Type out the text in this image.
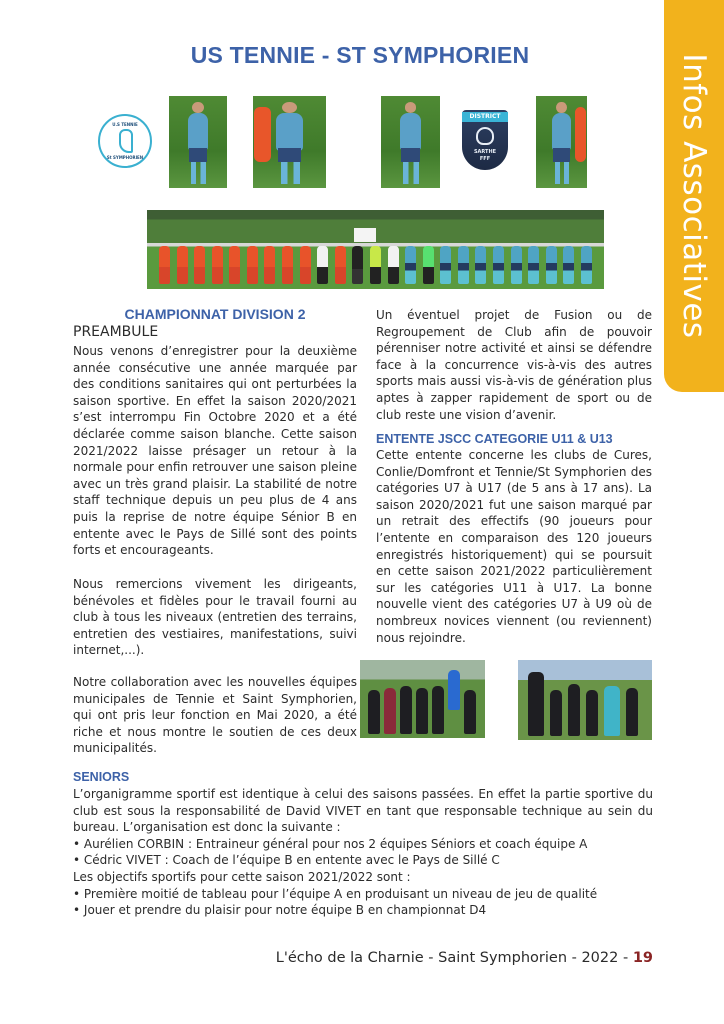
Infos Associatives
US TENNIE - ST SYMPHORIEN
U.S TENNIE
St SYMPHORIEN
DISTRICT
SARTHE
FFF
CHAMPIONNAT DIVISION 2
PREAMBULE
Nous venons d’enregistrer pour la deuxième année consécutive une année marquée par des conditions sanitaires qui ont perturbées la saison sportive. En effet la saison 2020/2021 s’est interrompu Fin Octobre 2020 et a été déclarée comme saison blanche. Cette saison 2021/2022 laisse présager un retour à la normale pour enfin retrouver une saison pleine avec un très grand plaisir. La stabilité de notre staff technique depuis un peu plus de 4 ans puis la reprise de notre équipe Sénior B en entente avec le Pays de Sillé sont des points forts et encourageants.
Nous remercions vivement les dirigeants, bénévoles et fidèles pour le travail fourni au club à tous les niveaux (entretien des terrains, entretien des vestiaires, manifestations, suivi internet,...).
Notre collaboration avec les nouvelles équipes municipales de Tennie et Saint Symphorien, qui ont pris leur fonction en Mai 2020, a été riche et nous montre le soutien de ces deux municipalités.
Un éventuel projet de Fusion ou de Regroupement de Club afin de pouvoir pérenniser notre activité et ainsi se défendre face à la concurrence vis-à-vis des autres sports mais aussi vis-à-vis de génération plus aptes à zapper rapidement de sport ou de club reste une vision d’avenir.
ENTENTE JSCC CATEGORIE U11 & U13
Cette entente concerne les clubs de Cures, Conlie/Domfront et Tennie/St Symphorien des catégories U7 à U17 (de 5 ans à 17 ans). La saison 2020/2021 fut une saison marqué par un retrait des effectifs (90 joueurs pour l’entente en comparaison des 120 joueurs enregistrés historiquement) qui se poursuit en cette saison 2021/2022 particulièrement sur les catégories U11 à U17. La bonne nouvelle vient des catégories U7 à U9 où de nombreux novices viennent (ou reviennent) nous rejoindre.
SENIORS
L’organigramme sportif est identique à celui des saisons passées. En effet la partie sportive du club est sous la responsabilité de David VIVET en tant que responsable technique au sein du bureau. L’organisation est donc la suivante :
• Aurélien CORBIN : Entraineur général pour nos 2 équipes Séniors et coach équipe A
• Cédric VIVET : Coach de l’équipe B en entente avec le Pays de Sillé C
Les objectifs sportifs pour cette saison 2021/2022 sont :
• Première moitié de tableau pour l’équipe A en produisant un niveau de jeu de qualité
• Jouer et prendre du plaisir pour notre équipe B en championnat D4
L'écho de la Charnie - Saint Symphorien - 2022 - 19
